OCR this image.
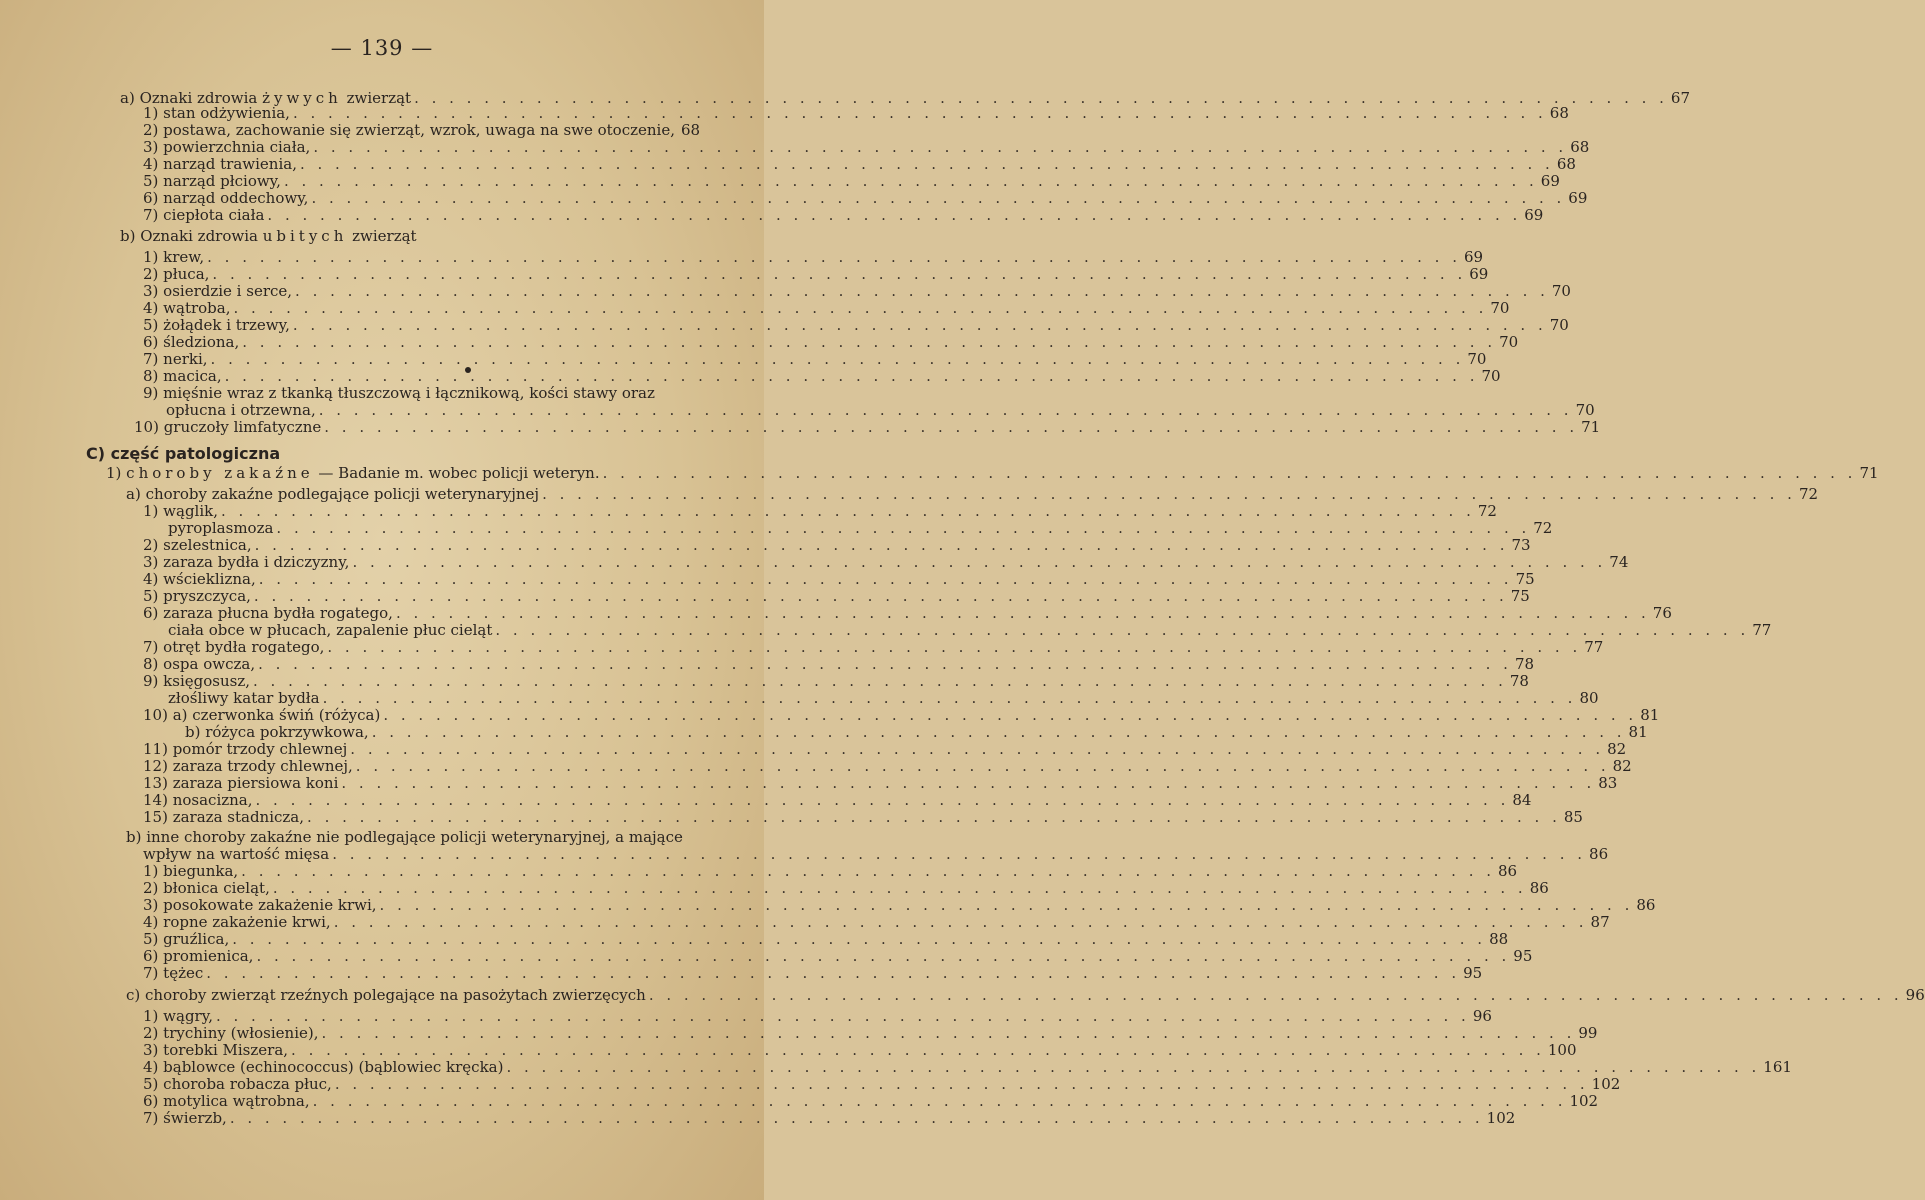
— 139 —
C) część patologiczna
a) Oznaki zdrowia żywych zwierząt . . .	67
1) stan odżywienia, . . .	68
2) postawa, zachowanie się zwierząt, wzrok, uwaga na swe otoczenie, 68
3) powierzchnia ciała, . . .	68
4) narząd trawienia, . . .	68
5) narząd płciowy, . . .	69
6) narząd oddechowy, . . .	69
7) ciepłota ciała . . .	69
b) Oznaki zdrowia ubitych zwierząt
1) krew, . . .	69
2) płuca, . . .	69
3) osierdzie i serce, . . .	70
4) wątroba, . . .	70
5) żołądek i trzewy, . . .	70
6) śledziona, . . .	70
7) nerki, . . .	70
8) macica, . . .	70
9) mięśnie wraz z tkanką tłuszczową i łącznikową, kości stawy oraz
opłucna i otrzewna, . . .	70
10) gruczoły limfatyczne . . .	71
1) choroby zakaźne — Badanie m. wobec policji weteryn. . . .	71
a) choroby zakaźne podlegające policji weterynaryjnej . . .	72
1) wąglik, . . .	72
pyroplasmoza . . .	72
2) szelestnica, . . .	73
3) zaraza bydła i dziczyzny, . . .	74
4) wścieklizna, . . .	75
5) pryszczyca, . . .	75
6) zaraza płucna bydła rogatego, . . .	76
ciała obce w płucach, zapalenie płuc cieląt . . .	77
7) otręt bydła rogatego, . . .	77
8) ospa owcza, . . .	78
9) księgosusz, . . .	78
złośliwy katar bydła . . .	80
10) a) czerwonka świń (różyca) . . .	81
b) różyca pokrzywkowa, . . .	81
11) pomór trzody chlewnej . . .	82
12) zaraza trzody chlewnej, . . .	82
13) zaraza piersiowa koni . . .	83
14) nosacizna, . . .	84
15) zaraza stadnicza, . . .	85
b) inne choroby zakaźne nie podlegające policji weterynaryjnej, a mające
wpływ na wartość mięsa . . .	86
1) biegunka, . . .	86
2) błonica cieląt, . . .	86
3) posokowate zakażenie krwi, . . .	86
4) ropne zakażenie krwi, . . .	87
5) gruźlica, . . .	88
6) promienica, . . .	95
7) tężec . . .	95
c) choroby zwierząt rzeźnych polegające na pasożytach zwierzęcych . . .	96
1) wągry, . . .	96
2) trychiny (włosienie), . . .	99
3) torebki Miszera, . . .	100
4) bąblowce (echinococcus) (bąblowiec kręcka) . . .	161
5) choroba robacza płuc, . . .	102
6) motylica wątrobna, . . .	102
7) świerzb, . . .	102
